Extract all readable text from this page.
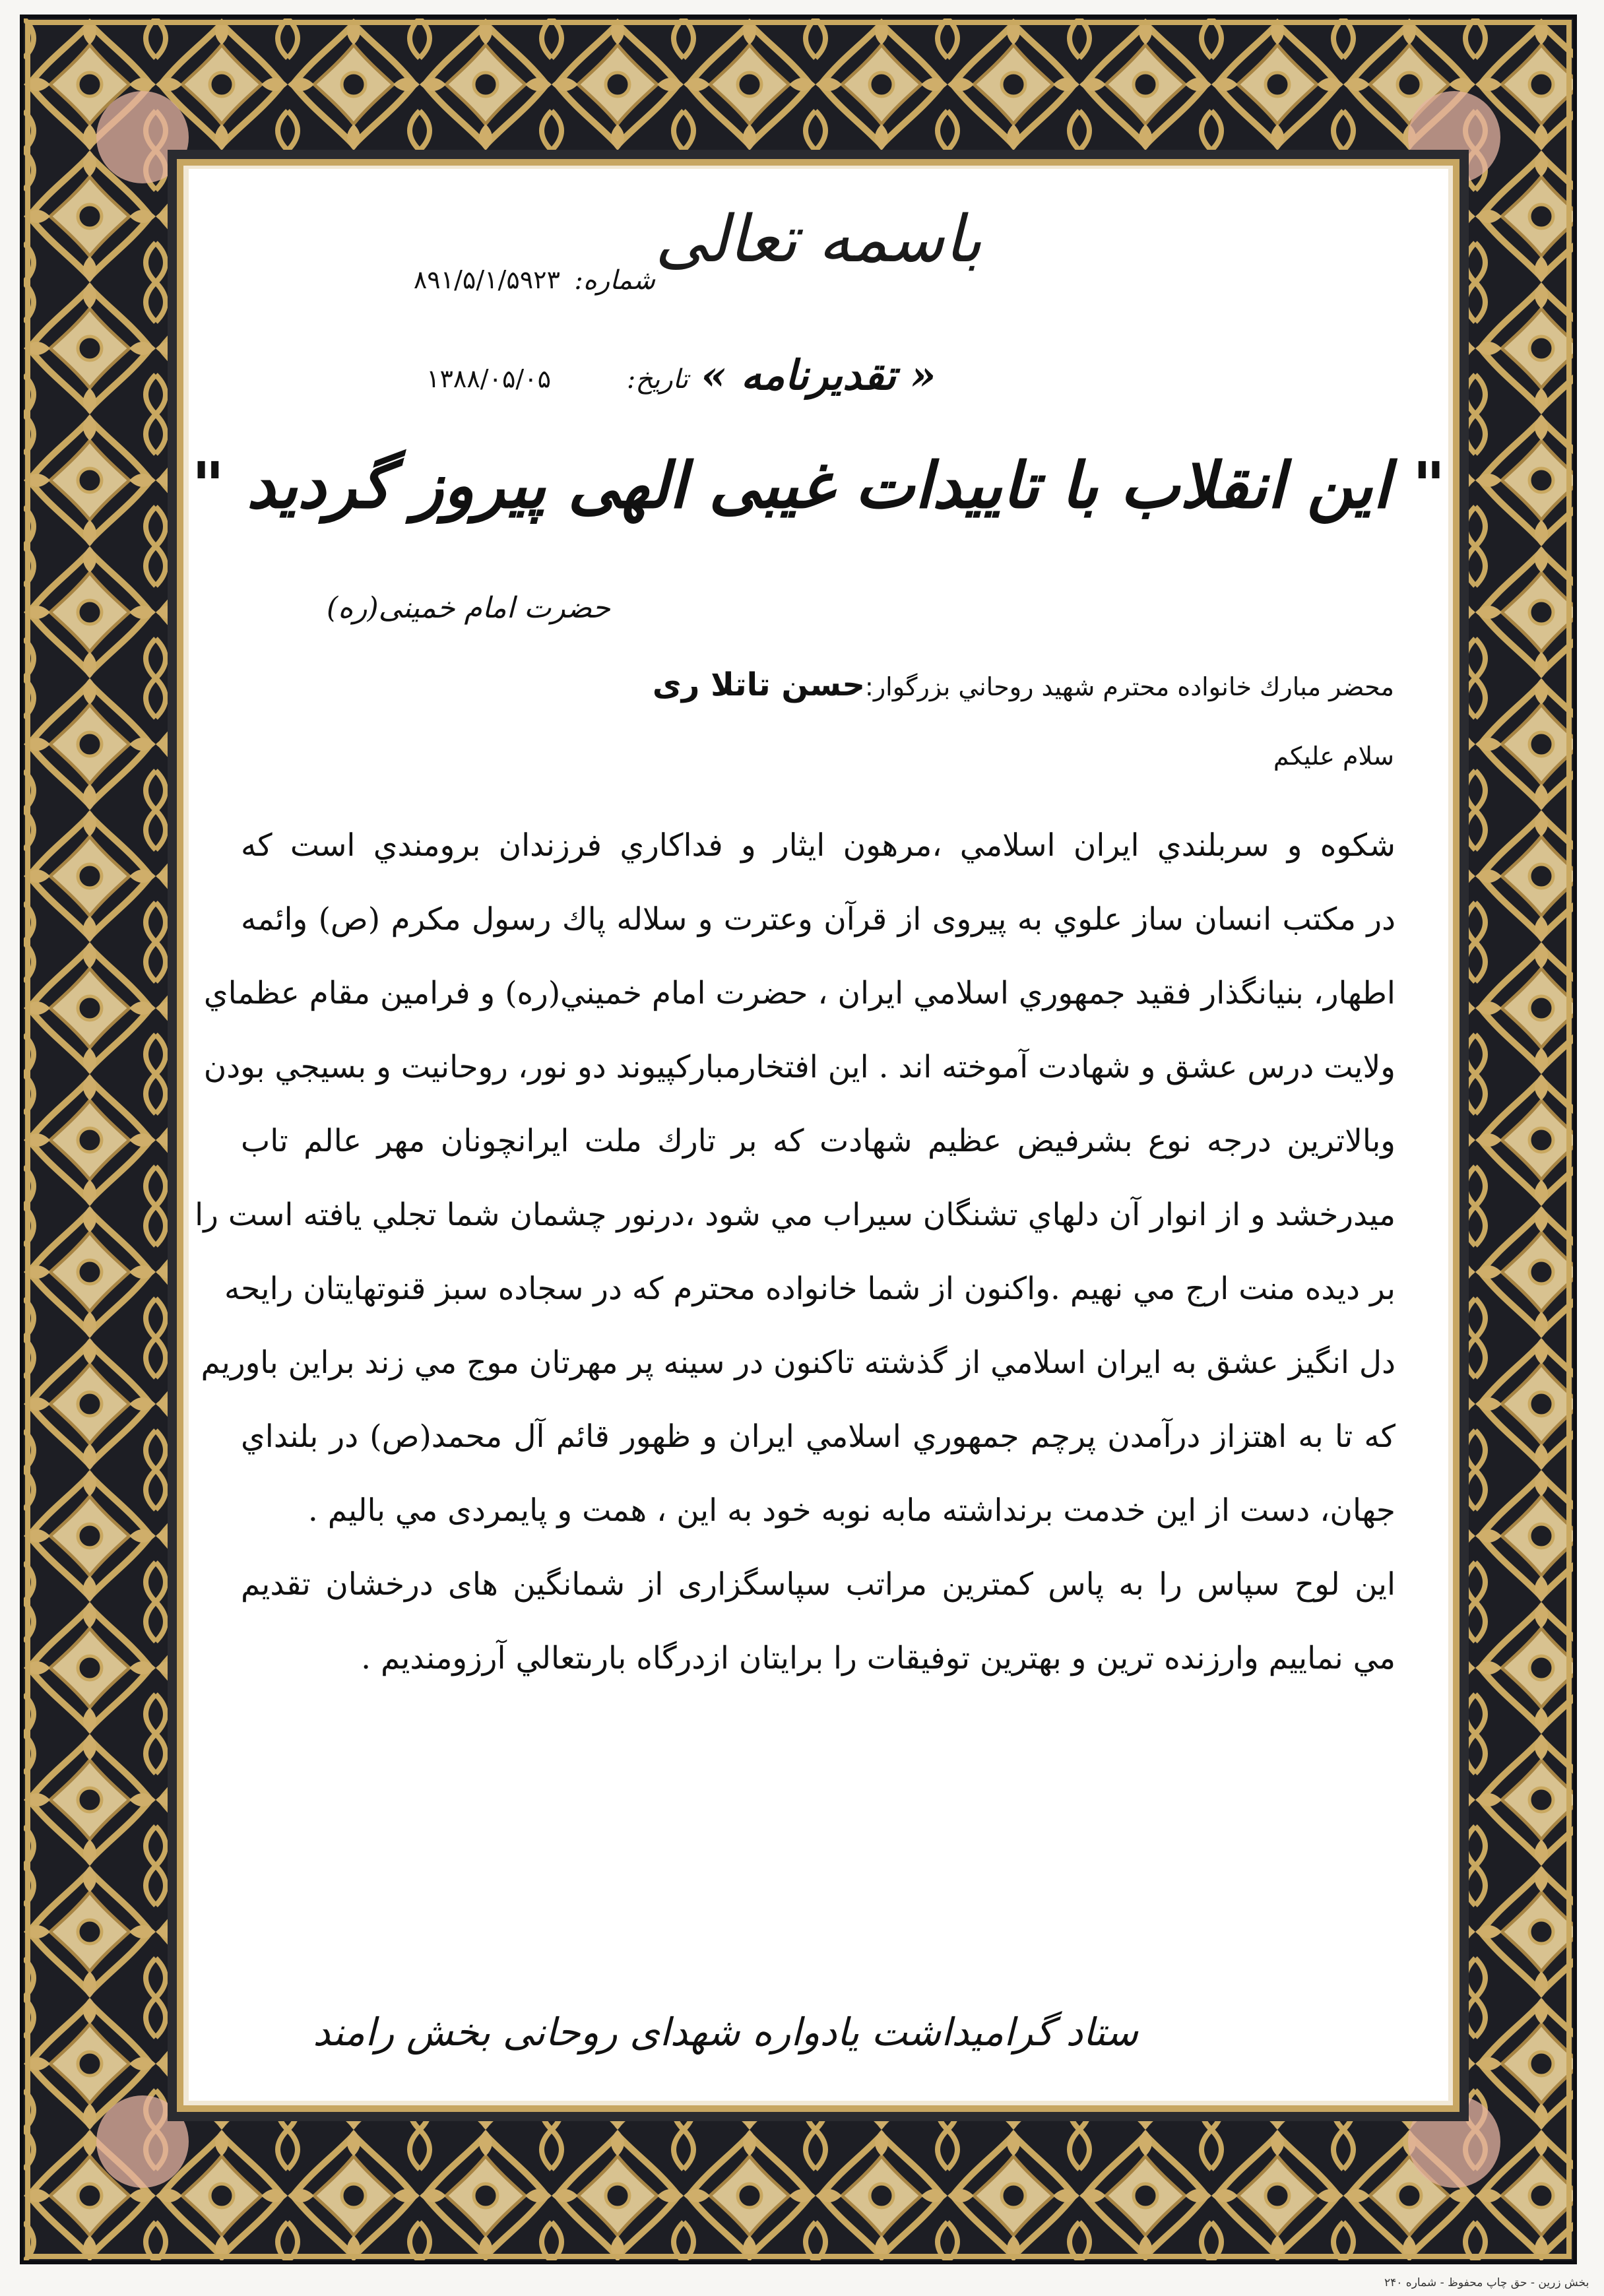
باسمه تعالی
شماره:
۸۹۱/۵/۱/۵۹۲۳
« تقدیرنامه »
تاریخ:
۱۳۸۸/۰۵/۰۵
" این انقلاب با تاییدات غیبی الهی پیروز گردید "
حضرت امام خمینی(ره)
محضر مبارك خانواده محترم شهيد روحاني بزرگوار:حسن تاتلا ری
سلام عليكم
شكوه و سربلندي ايران اسلامي ،مرهون ايثار و فداكاري فرزندان برومندي است كه
در مكتب انسان ساز علوي به پيروی از قرآن وعترت و سلاله پاك رسول مكرم (ص) وائمه
اطهار، بنيانگذار فقيد جمهوري اسلامي ايران ، حضرت امام خميني(ره) و فرامين مقام عظماي
ولايت درس عشق و شهادت آموخته اند . اين افتخارمباركپيوند دو نور، روحانيت و بسيجي بودن
وبالاترين درجه نوع بشرفيض عظيم شهادت كه بر تارك ملت ايرانچونان مهر عالم تاب
ميدرخشد و از انوار آن دلهاي تشنگان سيراب مي شود ،درنور چشمان شما تجلي يافته است را
بر ديده منت ارج مي نهيم .واكنون از شما خانواده محترم كه در سجاده سبز قنوتهايتان رايحه
دل انگيز عشق به ايران اسلامي از گذشته تاكنون در سينه پر مهرتان موج مي زند براين باوريم
كه تا به اهتزاز درآمدن پرچم جمهوري اسلامي ايران و ظهور قائم آل محمد(ص) در بلنداي
جهان، دست از اين خدمت برنداشته مابه نوبه خود به اين ، همت و پايمردی مي باليم .
اين لوح سپاس را به پاس كمترين مراتب سپاسگزاری از شمانگين های درخشان تقديم
مي نماييم وارزنده ترين و بهترين توفيقات را برايتان ازدرگاه بارىتعالي آرزومنديم .
ستاد گرامیداشت یادواره شهدای روحانی بخش رامند
بخش زرين - حق چاپ محفوظ - شماره ۲۴۰
